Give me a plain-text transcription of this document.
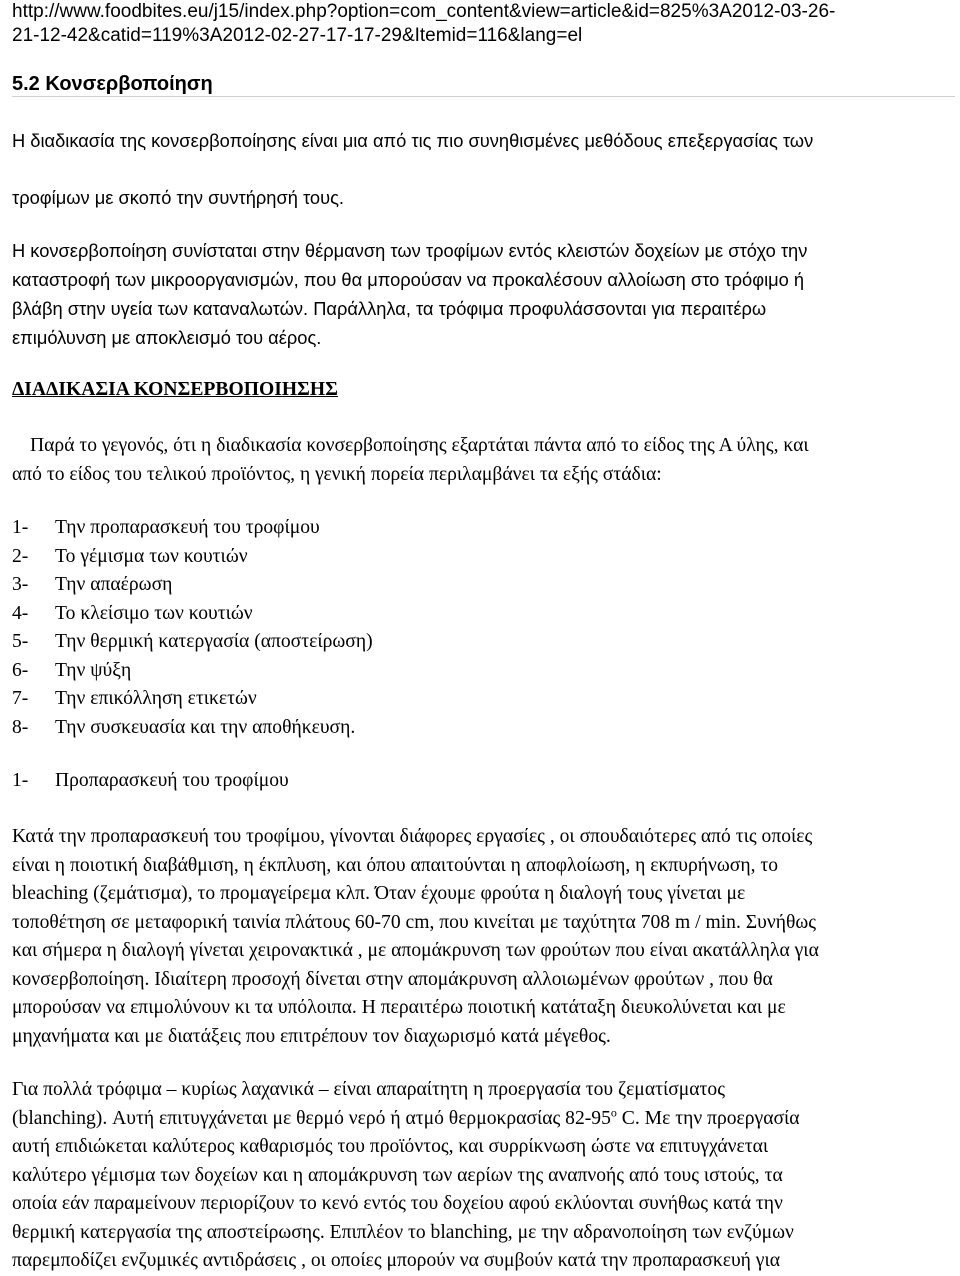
http://www.foodbites.eu/j15/index.php?option=com_content&view=article&id=825%3A2012-03-26-
21-12-42&catid=119%3A2012-02-27-17-17-29&Itemid=116&lang=el
5.2 Κονσερβοποίηση

Η διαδικασία της κονσερβοποίησης είναι μια από τις πιο συνηθισμένες μεθόδους επεξεργασίας των

τροφίμων με σκοπό την συντήρησή τους.

Η κονσερβοποίηση συνίσταται στην θέρμανση των τροφίμων εντός κλειστών δοχείων με στόχο την
καταστροφή των μικροοργανισμών, που θα μπορούσαν να προκαλέσουν αλλοίωση στο τρόφιμο ή
βλάβη στην υγεία των καταναλωτών. Παράλληλα, τα τρόφιμα προφυλάσσονται για περαιτέρω
επιμόλυνση με αποκλεισμό του αέρος.
ΔΙΑΔΙΚΑΣΙΑ ΚΟΝΣΕΡΒΟΠΟΙΗΣΗΣ
Παρά το γεγονός, ότι η διαδικασία κονσερβοποίησης εξαρτάται πάντα από το είδος της Α ύλης, και
από το είδος του τελικού προϊόντος, η γενική πορεία περιλαμβάνει τα εξής στάδια:
1- Την προπαρασκευή του τροφίμου
2- Το γέμισμα των κουτιών
3- Την απαέρωση
4- Το κλείσιμο των κουτιών
5- Την θερμική κατεργασία (αποστείρωση)
6- Την ψύξη
7- Την επικόλληση ετικετών
8- Την συσκευασία και την αποθήκευση.
1- Προπαρασκευή του τροφίμου
Κατά την προπαρασκευή του τροφίμου, γίνονται διάφορες εργασίες , οι σπουδαιότερες από τις οποίες
είναι η ποιοτική διαβάθμιση, η έκπλυση, και όπου απαιτούνται η αποφλοίωση, η εκπυρήνωση, το
bleaching (ζεμάτισμα), το προμαγείρεμα κλπ. Όταν έχουμε φρούτα η διαλογή τους γίνεται με
τοποθέτηση σε μεταφορική ταινία πλάτους 60-70 cm, που κινείται με ταχύτητα 708 m / min. Συνήθως
και σήμερα η διαλογή γίνεται χειρονακτικά , με απομάκρυνση των φρούτων που είναι ακατάλληλα για
κονσερβοποίηση. Ιδιαίτερη προσοχή δίνεται στην απομάκρυνση αλλοιωμένων φρούτων , που θα
μπορούσαν να επιμολύνουν κι τα υπόλοιπα. Η περαιτέρω ποιοτική κατάταξη διευκολύνεται και με
μηχανήματα και με διατάξεις που επιτρέπουν τον διαχωρισμό κατά μέγεθος.
Για πολλά τρόφιμα – κυρίως λαχανικά – είναι απαραίτητη η προεργασία του ζεματίσματος
(blanching). Αυτή επιτυγχάνεται με θερμό νερό ή ατμό θερμοκρασίας $82-95^o$ C. Με την προεργασία
αυτή επιδιώκεται καλύτερος καθαρισμός του προϊόντος, και συρρίκνωση ώστε να επιτυγχάνεται
καλύτερο γέμισμα των δοχείων και η απομάκρυνση των αερίων της αναπνοής από τους ιστούς, τα
οποία εάν παραμείνουν περιορίζουν το κενό εντός του δοχείου αφού εκλύονται συνήθως κατά την
θερμική κατεργασία της αποστείρωσης. Επιπλέον το blanching, με την αδρανοποίηση των ενζύμων
παρεμποδίζει ενζυμικές αντιδράσεις , οι οποίες μπορούν να συμβούν κατά την προπαρασκευή για
